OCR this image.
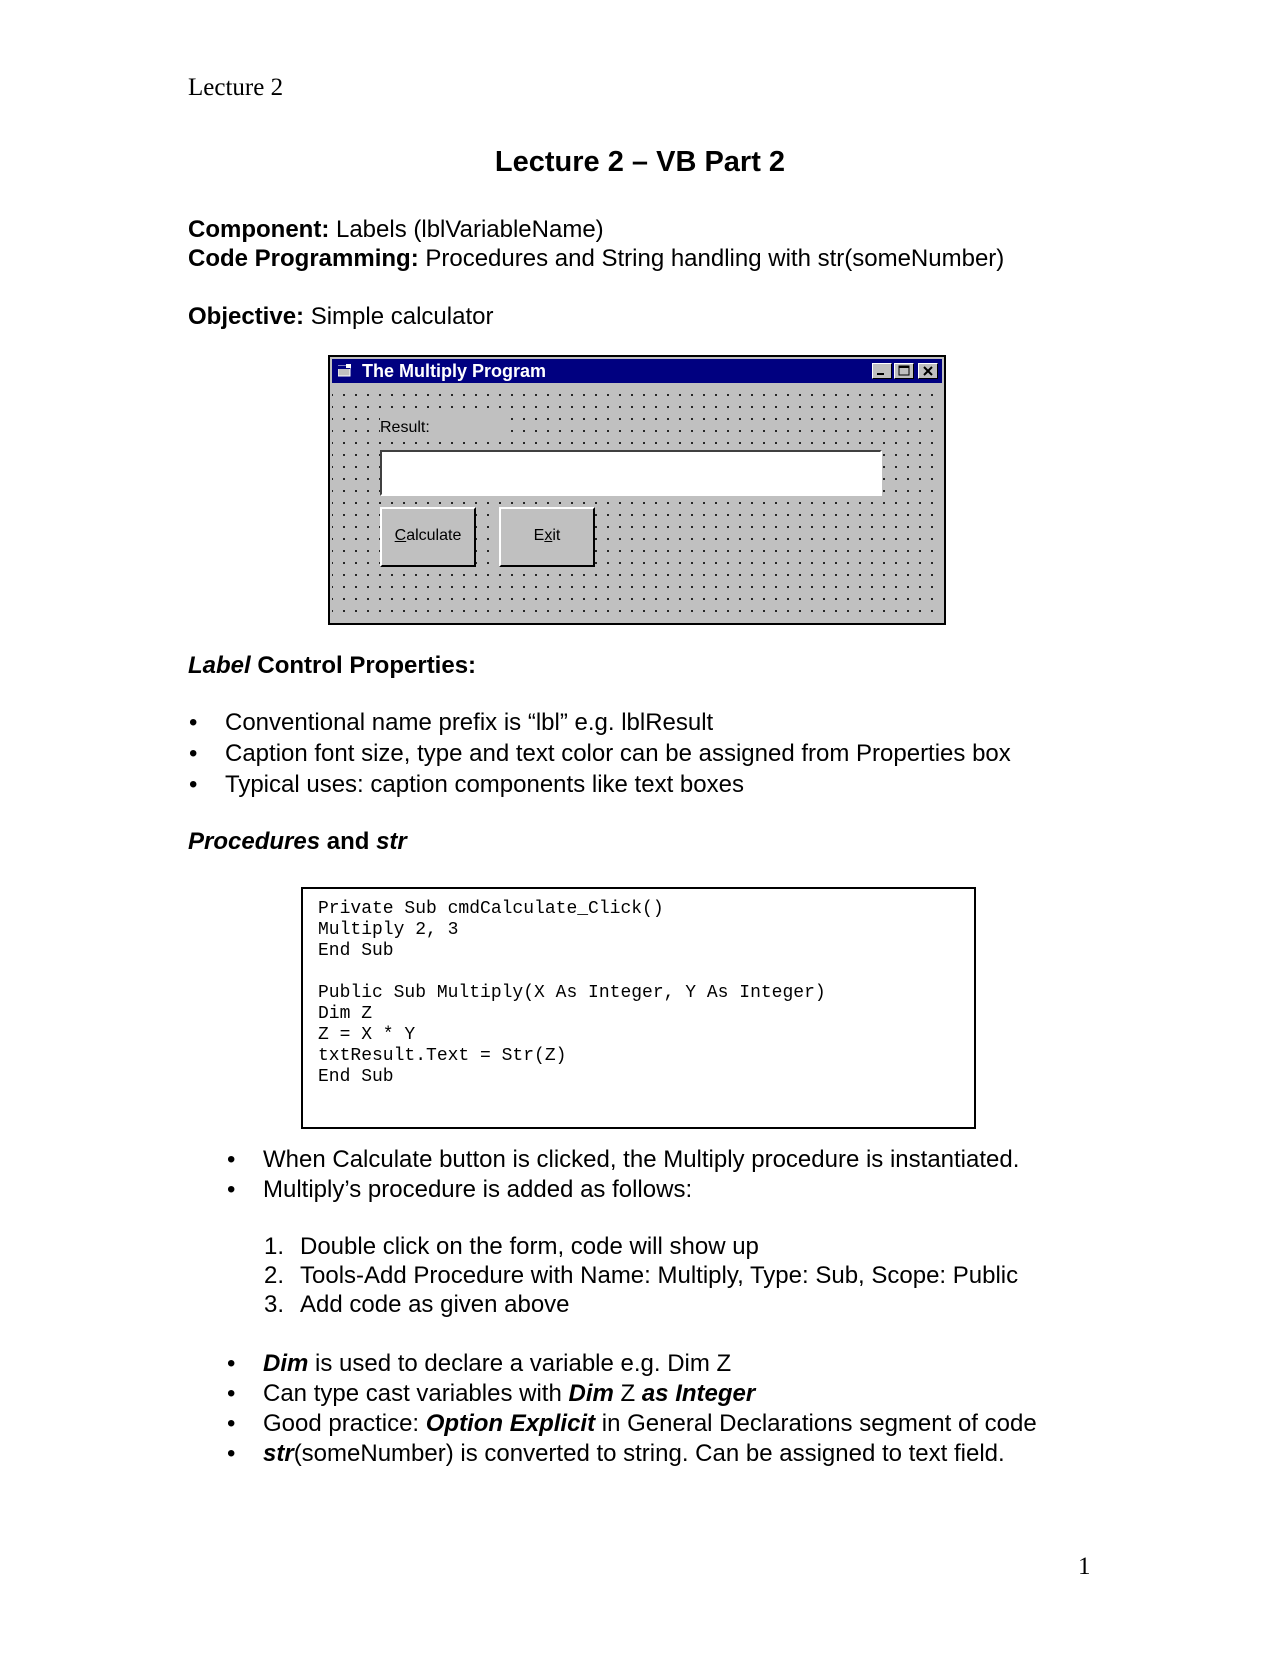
Lecture 2
Lecture 2 – VB Part 2
Component: Labels (lblVariableName)
Code Programming: Procedures and String handling with str(someNumber)
Objective: Simple calculator
The Multiply Program
Result:
Calculate	Exit
Label Control Properties:
• Conventional name prefix is “lbl” e.g. lblResult
• Caption font size, type and text color can be assigned from Properties box
• Typical uses: caption components like text boxes
Procedures and str
Private Sub cmdCalculate_Click()
Multiply 2, 3
End Sub
Public Sub Multiply(X As Integer, Y As Integer)
Dim Z
Z = X * Y
txtResult.Text = Str(Z)
End Sub
• When Calculate button is clicked, the Multiply procedure is instantiated.
• Multiply’s procedure is added as follows:
1. Double click on the form, code will show up
2. Tools-Add Procedure with Name: Multiply, Type: Sub, Scope: Public
3. Add code as given above
• Dim is used to declare a variable e.g. Dim Z
• Can type cast variables with Dim Z as Integer
• Good practice: Option Explicit in General Declarations segment of code
• str(someNumber) is converted to string. Can be assigned to text field.
1
